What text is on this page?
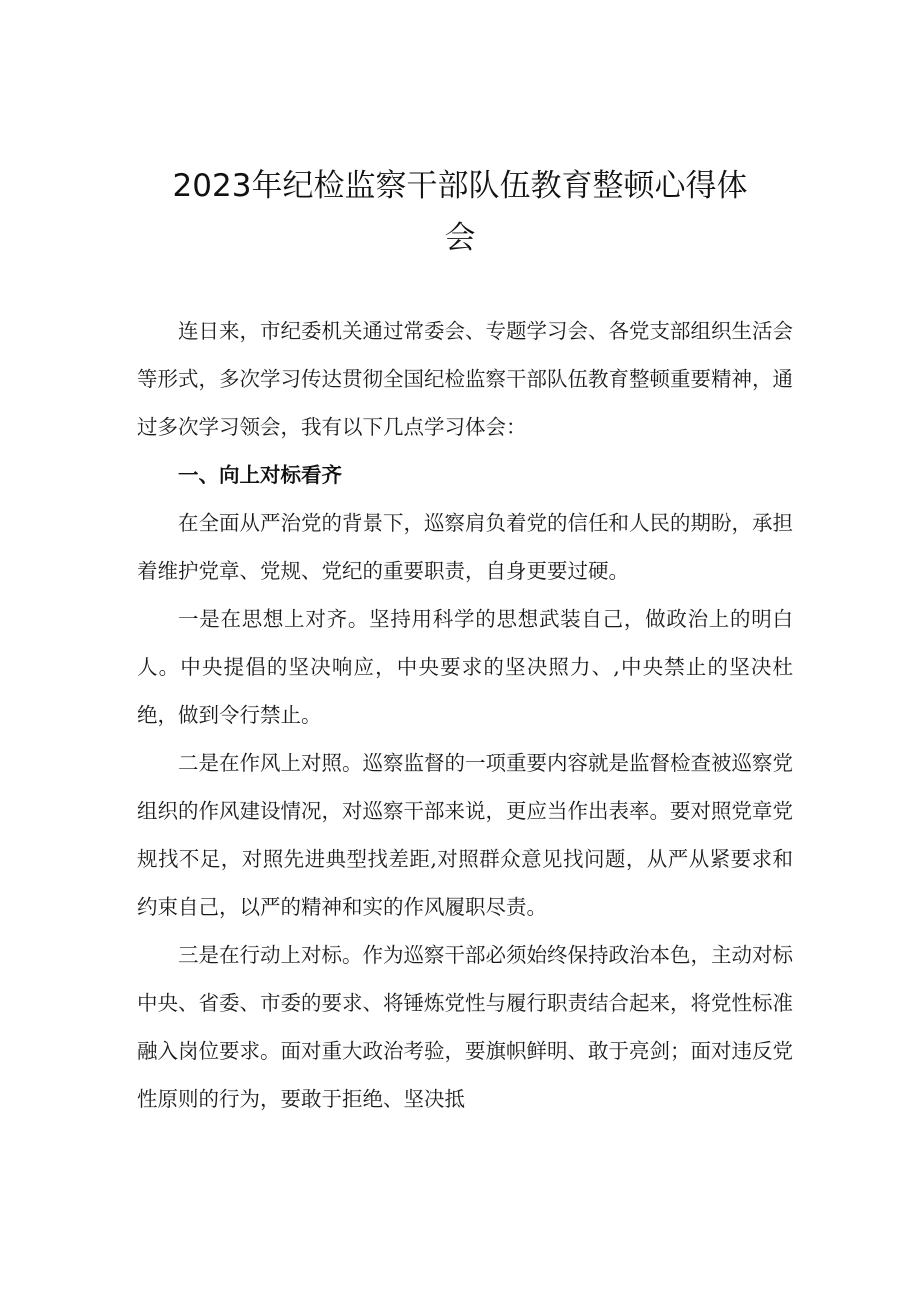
2023年纪检监察干部队伍教育整顿心得体
会

连日来，市纪委机关通过常委会、专题学习会、各党支部组织生活会等形式，多次学习传达贯彻全国纪检监察干部队伍教育整顿重要精神，通过多次学习领会，我有以下几点学习体会：

一、向上对标看齐

在全面从严治党的背景下，巡察肩负着党的信任和人民的期盼，承担着维护党章、党规、党纪的重要职责，自身更要过硬。

一是在思想上对齐。坚持用科学的思想武装自己，做政治上的明白人。中央提倡的坚决响应，中央要求的坚决照力、,中央禁止的坚决杜绝，做到令行禁止。

二是在作风上对照。巡察监督的一项重要内容就是监督检查被巡察党组织的作风建设情况，对巡察干部来说，更应当作出表率。要对照党章党规找不足，对照先进典型找差距,对照群众意见找问题，从严从紧要求和约束自己，以严的精神和实的作风履职尽责。

三是在行动上对标。作为巡察干部必须始终保持政治本色，主动对标中央、省委、市委的要求、将锤炼党性与履行职责结合起来，将党性标准融入岗位要求。面对重大政治考验，要旗帜鲜明、敢于亮剑；面对违反党性原则的行为，要敢于拒绝、坚决抵
